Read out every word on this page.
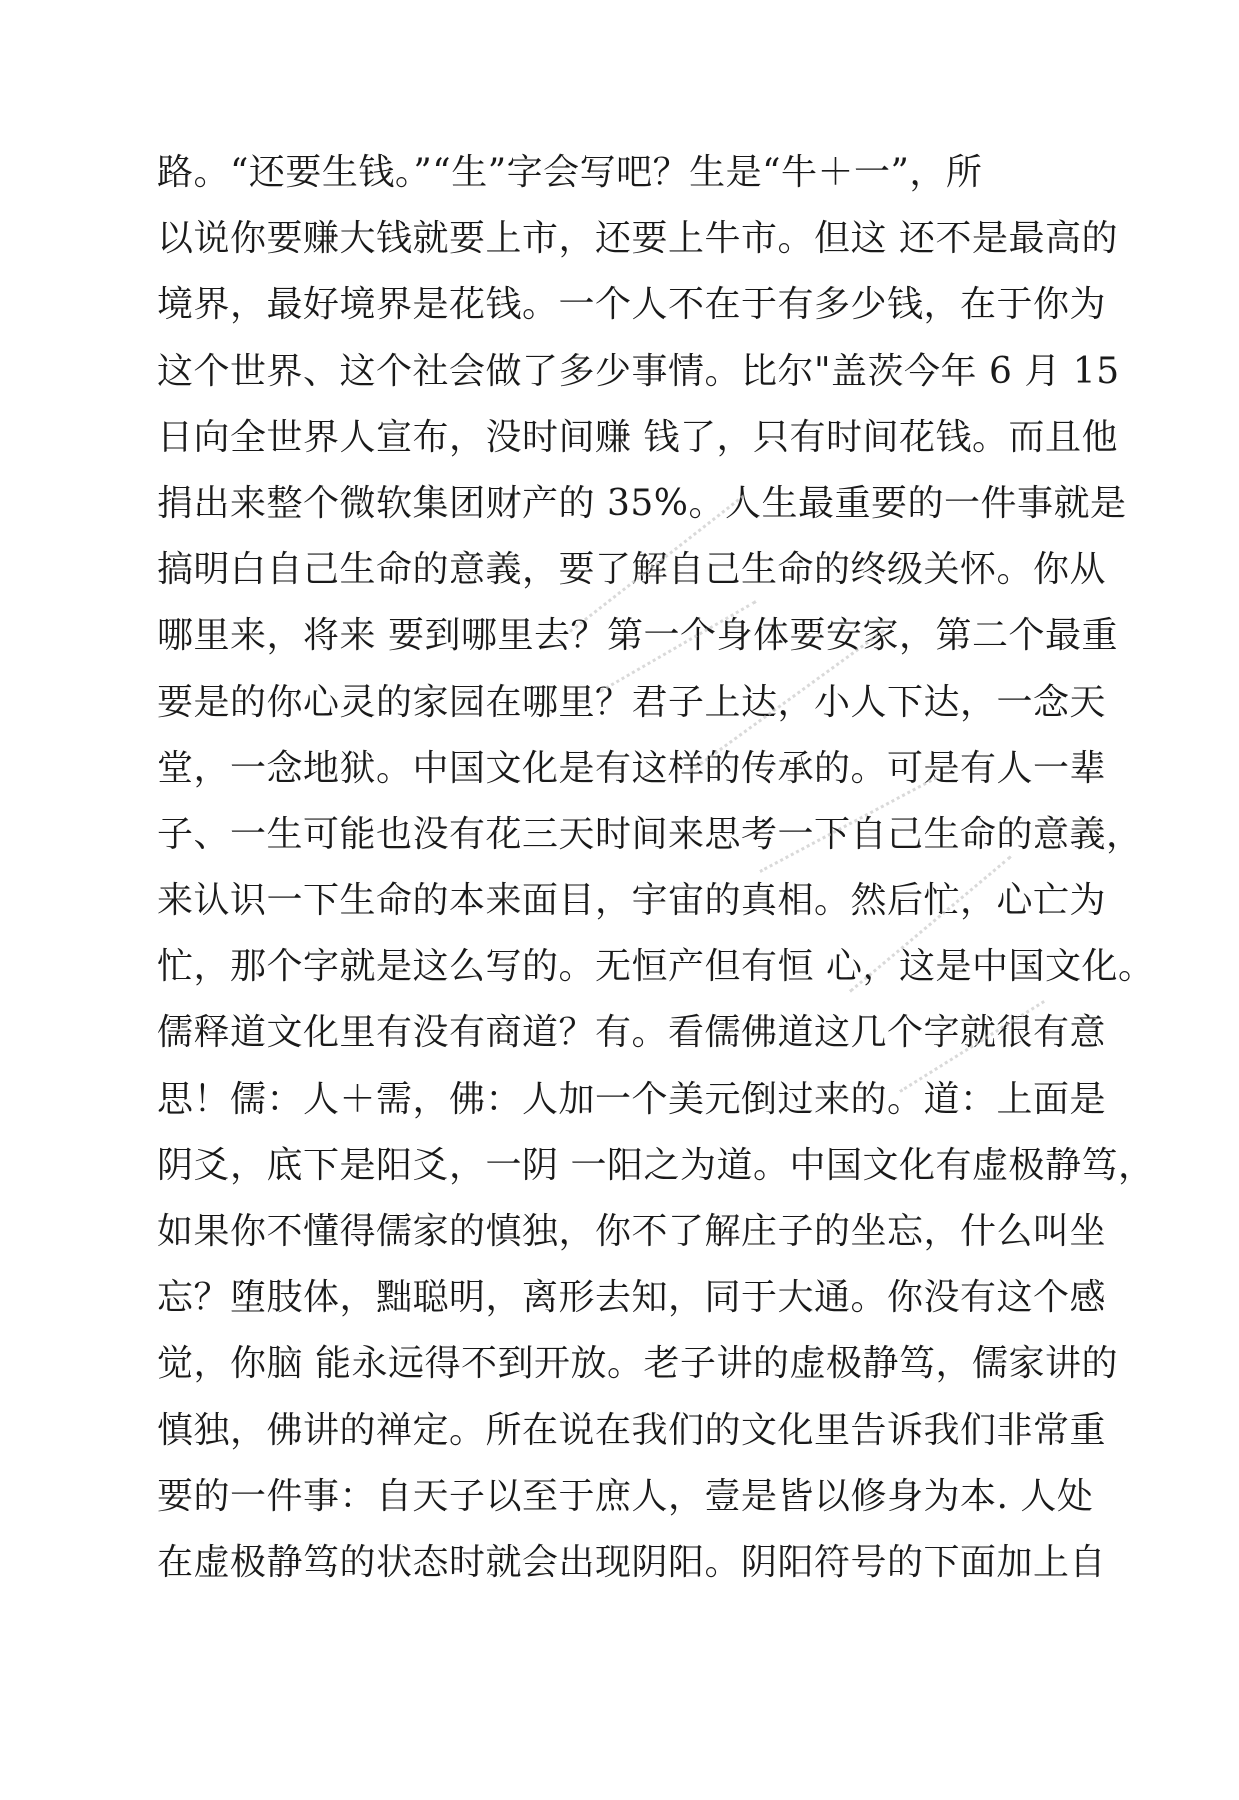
路。“还要生钱。”“生”字会写吧？生是“牛＋一”，所
以说你要赚大钱就要上市，还要上牛市。但这 还不是最高的
境界，最好境界是花钱。一个人不在于有多少钱，在于你为
这个世界、这个社会做了多少事情。比尔"盖茨今年 6 月 15
日向全世界人宣布，没时间赚 钱了，只有时间花钱。而且他
捐出来整个微软集团财产的 35%。人生最重要的一件事就是
搞明白自己生命的意義，要了解自己生命的终级关怀。你从
哪里来，将来 要到哪里去？第一个身体要安家，第二个最重
要是的你心灵的家园在哪里？君子上达，小人下达，一念天
堂，一念地狱。中国文化是有这样的传承的。可是有人一辈
子、一生可能也没有花三天时间来思考一下自己生命的意義，
来认识一下生命的本来面目，宇宙的真相。然后忙，心亡为
忙，那个字就是这么写的。无恒产但有恒 心，这是中国文化。
儒释道文化里有没有商道？有。看儒佛道这几个字就很有意
思！儒：人＋需，佛：人加一个美元倒过来的。道：上面是
阴爻，底下是阳爻，一阴 一阳之为道。中国文化有虚极静笃，
如果你不懂得儒家的慎独，你不了解庄子的坐忘，什么叫坐
忘？堕肢体，黜聪明，离形去知，同于大通。你没有这个感
觉，你脑 能永远得不到开放。老子讲的虚极静笃，儒家讲的
慎独，佛讲的禅定。所在说在我们的文化里告诉我们非常重
要的一件事：自天子以至于庶人，壹是皆以修身为本. 人处
在虚极静笃的状态时就会出现阴阳。阴阳符号的下面加上自
